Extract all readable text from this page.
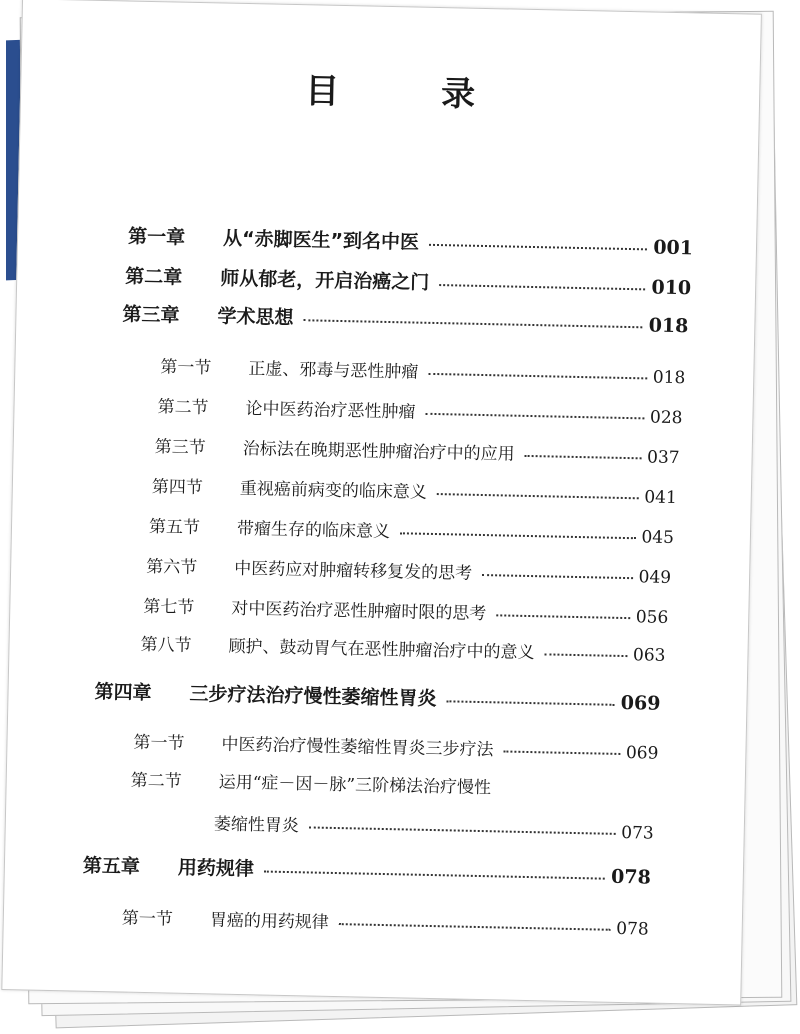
目　录
第一章	从“赤脚医生”到名中医	001
第二章	师从郁老，开启治癌之门	010
第三章	学术思想	018
第一节	正虚、邪毒与恶性肿瘤	018
第二节	论中医药治疗恶性肿瘤	028
第三节	治标法在晚期恶性肿瘤治疗中的应用	037
第四节	重视癌前病变的临床意义	041
第五节	带瘤生存的临床意义	045
第六节	中医药应对肿瘤转移复发的思考	049
第七节	对中医药治疗恶性肿瘤时限的思考	056
第八节	顾护、鼓动胃气在恶性肿瘤治疗中的意义	063
第四章	三步疗法治疗慢性萎缩性胃炎	069
第一节	中医药治疗慢性萎缩性胃炎三步疗法	069
第二节	运用“症－因－脉”三阶梯法治疗慢性
萎缩性胃炎	073
第五章	用药规律	078
第一节	胃癌的用药规律	078
